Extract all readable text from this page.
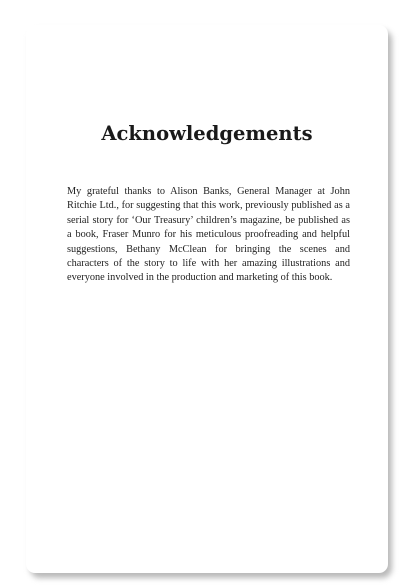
Acknowledgements

My grateful thanks to Alison Banks, General Manager at John Ritchie Ltd., for suggesting that this work, previously published as a serial story for ‘Our Treasury’ children’s magazine, be published as a book, Fraser Munro for his meticulous proofreading and helpful suggestions, Bethany McClean for bringing the scenes and characters of the story to life with her amazing illustrations and everyone involved in the production and marketing of this book.
